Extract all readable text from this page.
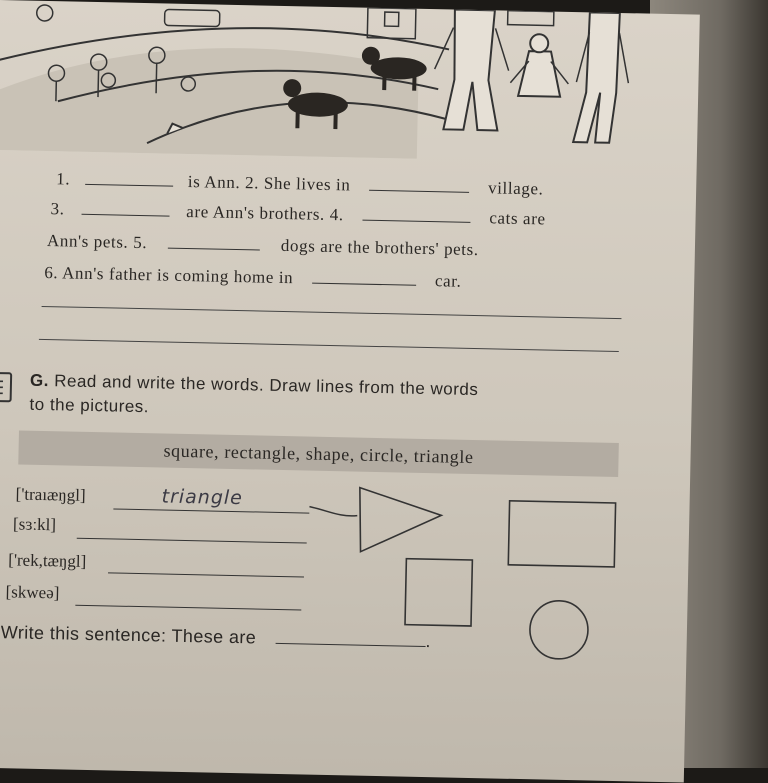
1.	is Ann. 2. She lives in	village.
3.	are Ann's brothers. 4.	cats are
Ann's pets. 5.	dogs are the brothers' pets.
6. Ann's father is coming home in	car.
G. Read and write the words. Draw lines from the words
to the pictures.
square, rectangle, shape, circle, triangle
['traıæŋgl]	triangle
[sɜːkl]
['rek,tæŋgl]
[skweə]
Write this sentence: These are	.
